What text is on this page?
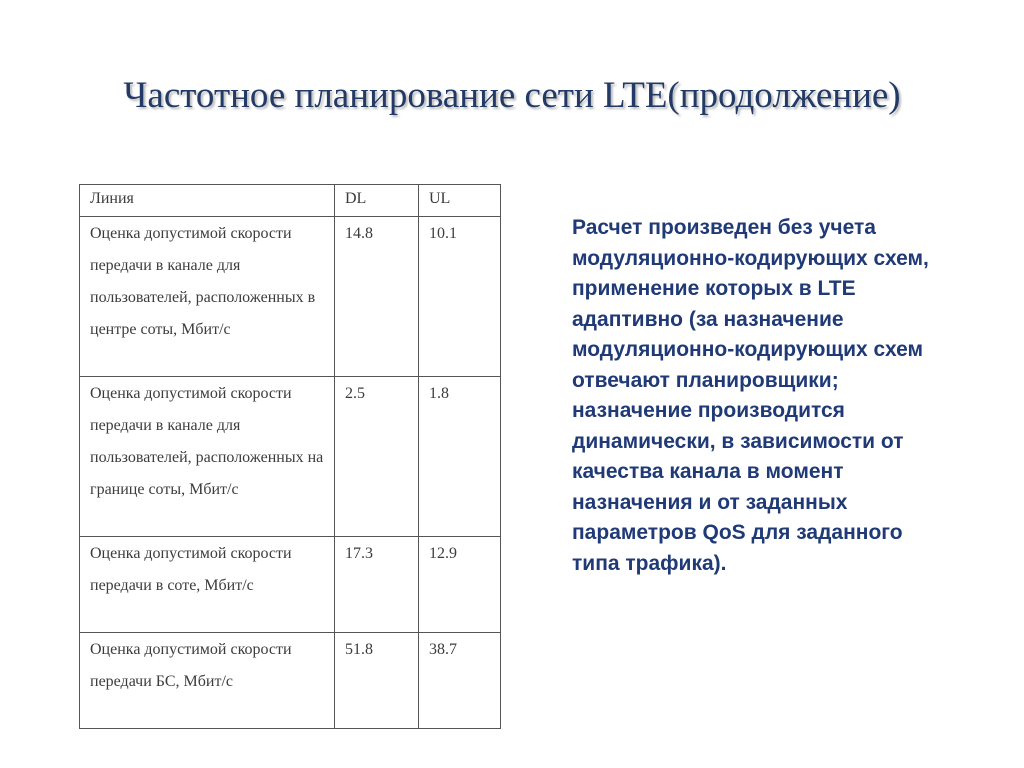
Частотное планирование сети LTE(продолжение)
Линия	DL	UL
Оценка допустимой скорости передачи в канале для пользователей, расположенных в центре соты, Мбит/с	14.8	10.1
Оценка допустимой скорости передачи в канале для пользователей, расположенных на границе соты, Мбит/с	2.5	1.8
Оценка допустимой скорости передачи в соте, Мбит/с	17.3	12.9
Оценка допустимой скорости передачи БС, Мбит/с	51.8	38.7

Расчет произведен без учета модуляционно-кодирующих схем, применение которых в LTE адаптивно (за назначение модуляционно-кодирующих схем отвечают планировщики; назначение производится динамически, в зависимости от качества канала в момент назначения и от заданных параметров QoS для заданного типа трафика).
